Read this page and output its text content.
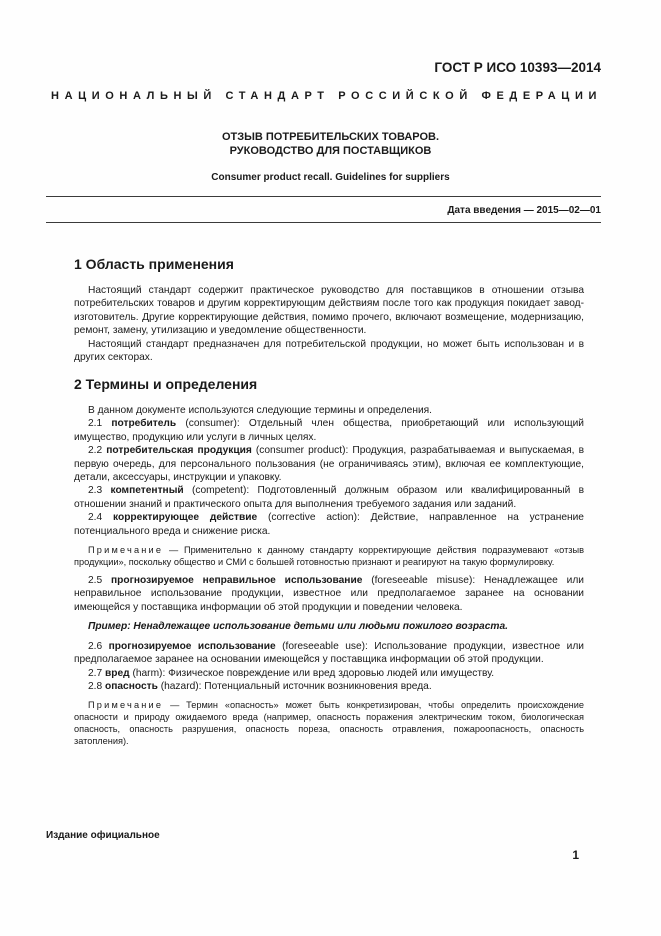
ГОСТ Р ИСО 10393—2014
НАЦИОНАЛЬНЫЙ СТАНДАРТ РОССИЙСКОЙ ФЕДЕРАЦИИ
ОТЗЫВ ПОТРЕБИТЕЛЬСКИХ ТОВАРОВ.
РУКОВОДСТВО ДЛЯ ПОСТАВЩИКОВ
Consumer product recall. Guidelines for suppliers
Дата введения — 2015—02—01
1 Область применения

Настоящий стандарт содержит практическое руководство для поставщиков в отношении отзыва потребительских товаров и другим корректирующим действиям после того как продукция покидает завод-изготовитель. Другие корректирующие действия, помимо прочего, включают возмещение, модернизацию, ремонт, замену, утилизацию и уведомление общественности.

Настоящий стандарт предназначен для потребительской продукции, но может быть использован и в других секторах.

2 Термины и определения

В данном документе используются следующие термины и определения.

2.1 потребитель (consumer): Отдельный член общества, приобретающий или использующий имущество, продукцию или услуги в личных целях.

2.2 потребительская продукция (consumer product): Продукция, разрабатываемая и выпускаемая, в первую очередь, для персонального пользования (не ограничиваясь этим), включая ее комплектующие, детали, аксессуары, инструкции и упаковку.

2.3 компетентный (competent): Подготовленный должным образом или квалифицированный в отношении знаний и практического опыта для выполнения требуемого задания или заданий.

2.4 корректирующее действие (corrective action): Действие, направленное на устранение потенциального вреда и снижение риска.

Примечание — Применительно к данному стандарту корректирующие действия подразумевают «отзыв продукции», поскольку общество и СМИ с большей готовностью признают и реагируют на такую формулировку.

2.5 прогнозируемое неправильное использование (foreseeable misuse): Ненадлежащее или неправильное использование продукции, известное или предполагаемое заранее на основании имеющейся у поставщика информации об этой продукции и поведении человека.

Пример: Ненадлежащее использование детьми или людьми пожилого возраста.

2.6 прогнозируемое использование (foreseeable use): Использование продукции, известное или предполагаемое заранее на основании имеющейся у поставщика информации об этой продукции.

2.7 вред (harm): Физическое повреждение или вред здоровью людей или имуществу.

2.8 опасность (hazard): Потенциальный источник возникновения вреда.

Примечание — Термин «опасность» может быть конкретизирован, чтобы определить происхождение опасности и природу ожидаемого вреда (например, опасность поражения электрическим током, биологическая опасность, опасность разрушения, опасность пореза, опасность отравления, пожароопасность, опасность затопления).

Издание официальное
1
